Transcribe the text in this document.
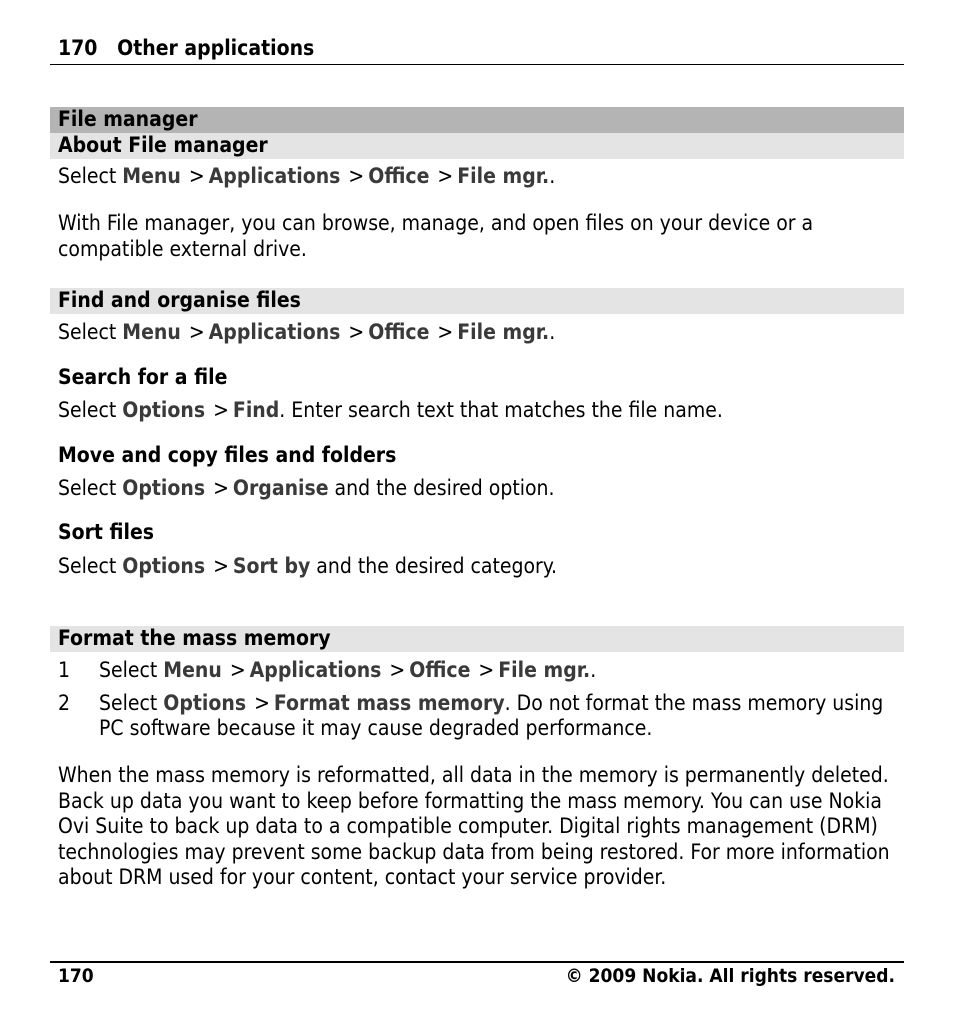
170 Other applications
File manager
About File manager
Select Menu > Applications > Office > File mgr..
With File manager, you can browse, manage, and open files on your device or a compatible external drive.
Find and organise files
Select Menu > Applications > Office > File mgr..
Search for a file
Select Options > Find. Enter search text that matches the file name.
Move and copy files and folders
Select Options > Organise and the desired option.
Sort files
Select Options > Sort by and the desired category.
Format the mass memory
1 Select Menu > Applications > Office > File mgr..
2 Select Options > Format mass memory. Do not format the mass memory using PC software because it may cause degraded performance.
When the mass memory is reformatted, all data in the memory is permanently deleted. Back up data you want to keep before formatting the mass memory. You can use Nokia Ovi Suite to back up data to a compatible computer. Digital rights management (DRM) technologies may prevent some backup data from being restored. For more information about DRM used for your content, contact your service provider.
170	© 2009 Nokia. All rights reserved.
